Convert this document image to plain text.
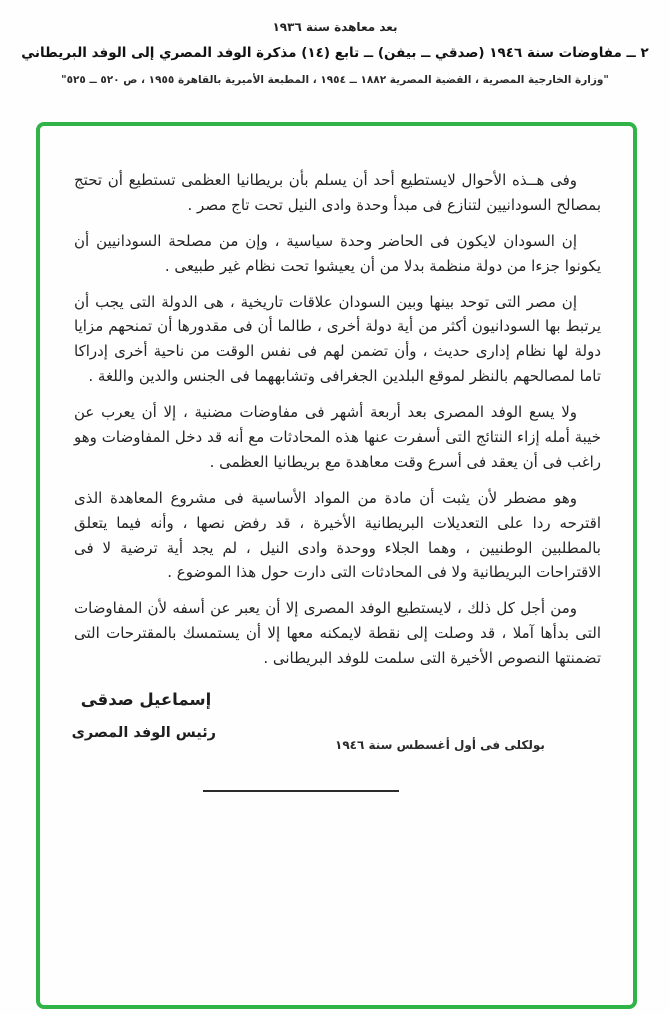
بعد معاهدة سنة ١٩٣٦
٢ ــ مفاوضات سنة ١٩٤٦ (صدقي ــ بيفن) ــ تابع (١٤) مذكرة الوفد المصري إلى الوفد البريطاني
"وزارة الخارجية المصرية ، القضية المصرية ١٨٨٢ ــ ١٩٥٤ ، المطبعة الأميرية بالقاهرة ١٩٥٥ ، ص ٥٢٠ ــ ٥٢٥"

وفى هــذه الأحوال لايستطيع أحد أن يسلم بأن بريطانيا العظمى تستطيع أن تحتج بمصالح السودانيين لتنازع فى مبدأ وحدة وادى النيل تحت تاج مصر .

إن السودان لايكون فى الحاضر وحدة سياسية ، وإن من مصلحة السودانيين أن يكونوا جزءا من دولة منظمة بدلا من أن يعيشوا تحت نظام غير طبيعى .

إن مصر التى توحد بينها وبين السودان علاقات تاريخية ، هى الدولة التى يجب أن يرتبط بها السودانيون أكثر من أية دولة أخرى ، طالما أن فى مقدورها أن تمنحهم مزايا دولة لها نظام إدارى حديث ، وأن تضمن لهم فى نفس الوقت من ناحية أخرى إدراكا تاما لمصالحهم بالنظر لموقع البلدين الجغرافى وتشابههما فى الجنس والدين واللغة .

ولا يسع الوفد المصرى بعد أربعة أشهر فى مفاوضات مضنية ، إلا أن يعرب عن خيبة أمله إزاء النتائج التى أسفرت عنها هذه المحادثات مع أنه قد دخل المفاوضات وهو راغب فى أن يعقد فى أسرع وقت معاهدة مع بريطانيا العظمى .

وهو مضطر لأن يثبت أن مادة من المواد الأساسية فى مشروع المعاهدة الذى اقترحه ردا على التعديلات البريطانية الأخيرة ، قد رفض نصها ، وأنه فيما يتعلق بالمطلبين الوطنيين ، وهما الجلاء ووحدة وادى النيل ، لم يجد أية ترضية لا فى الاقتراحات البريطانية ولا فى المحادثات التى دارت حول هذا الموضوع .

ومن أجل كل ذلك ، لايستطيع الوفد المصرى إلا أن يعبر عن أسفه لأن المفاوضات التى بدأها آملا ، قد وصلت إلى نقطة لايمكنه معها إلا أن يستمسك بالمقترحات التى تضمنتها النصوص الأخيرة التى سلمت للوفد البريطانى .

إسماعيل صدقى
رئيس الوفد المصرى
بولكلى فى أول أغسطس سنة ١٩٤٦
